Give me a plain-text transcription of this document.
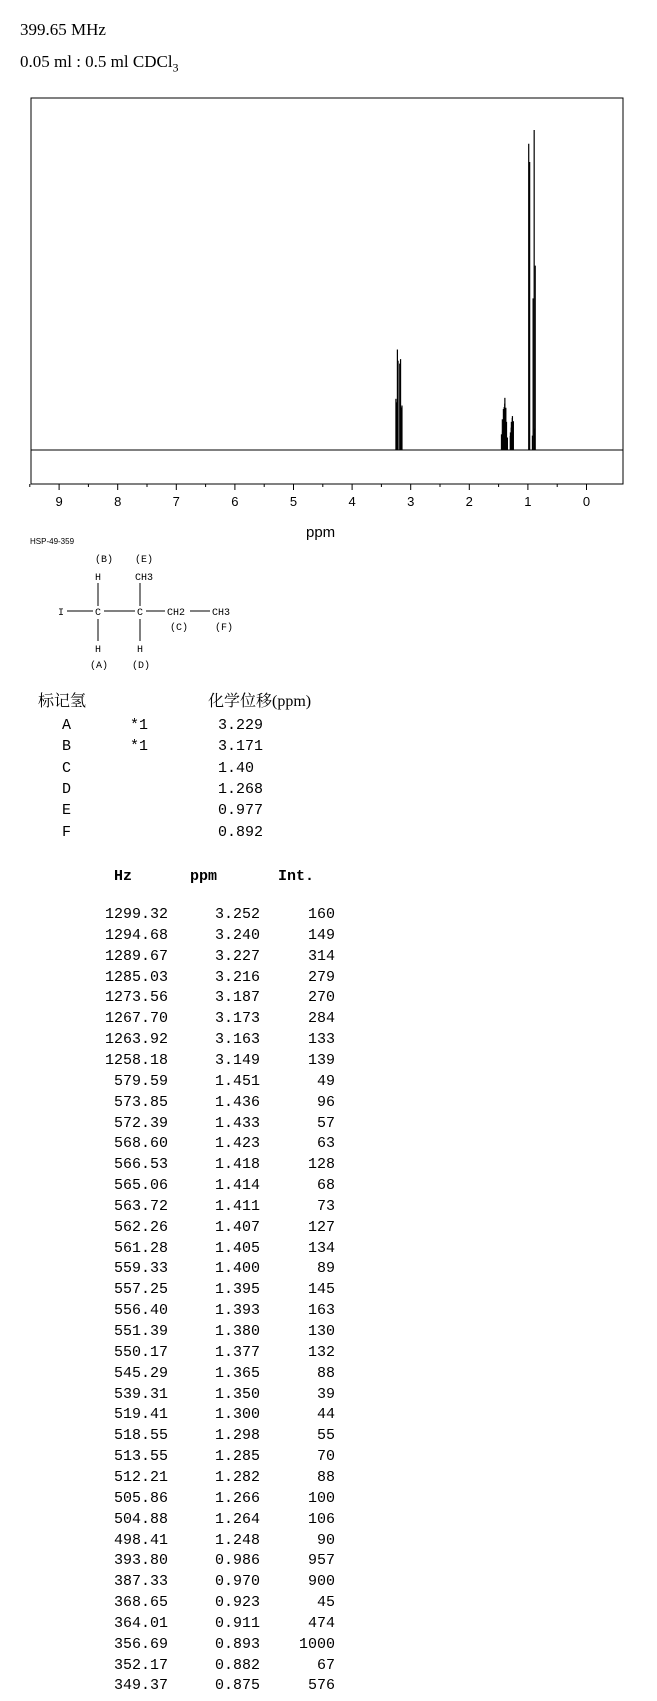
399.65 MHz
0.05 ml : 0.5 ml CDCl$_3$
9	8	7	6	5	4	3	2	1	0
ppm
HSP-49-359
(B) (E)
H	CH3
I	C	C CH2	CH3
(C)	(F)
H	H
(A) (D)
标记氢	化学位移(ppm)
A	*1	3.229
B	*1	3.171
C	1.40
D	1.268
E	0.977
F	0.892
Hz	ppm	Int.
1299.32	3.252	160
1294.68	3.240	149
1289.67	3.227	314
1285.03	3.216	279
1273.56	3.187	270
1267.70	3.173	284
1263.92	3.163	133
1258.18	3.149	139
579.59	1.451	49
573.85	1.436	96
572.39	1.433	57
568.60	1.423	63
566.53	1.418	128
565.06	1.414	68
563.72	1.411	73
562.26	1.407	127
561.28	1.405	134
559.33	1.400	89
557.25	1.395	145
556.40	1.393	163
551.39	1.380	130
550.17	1.377	132
545.29	1.365	88
539.31	1.350	39
519.41	1.300	44
518.55	1.298	55
513.55	1.285	70
512.21	1.282	88
505.86	1.266	100
504.88	1.264	106
498.41	1.248	90
393.80	0.986	957
387.33	0.970	900
368.65	0.923	45
364.01	0.911	474
356.69	0.893	1000
352.17	0.882	67
349.37	0.875	576
